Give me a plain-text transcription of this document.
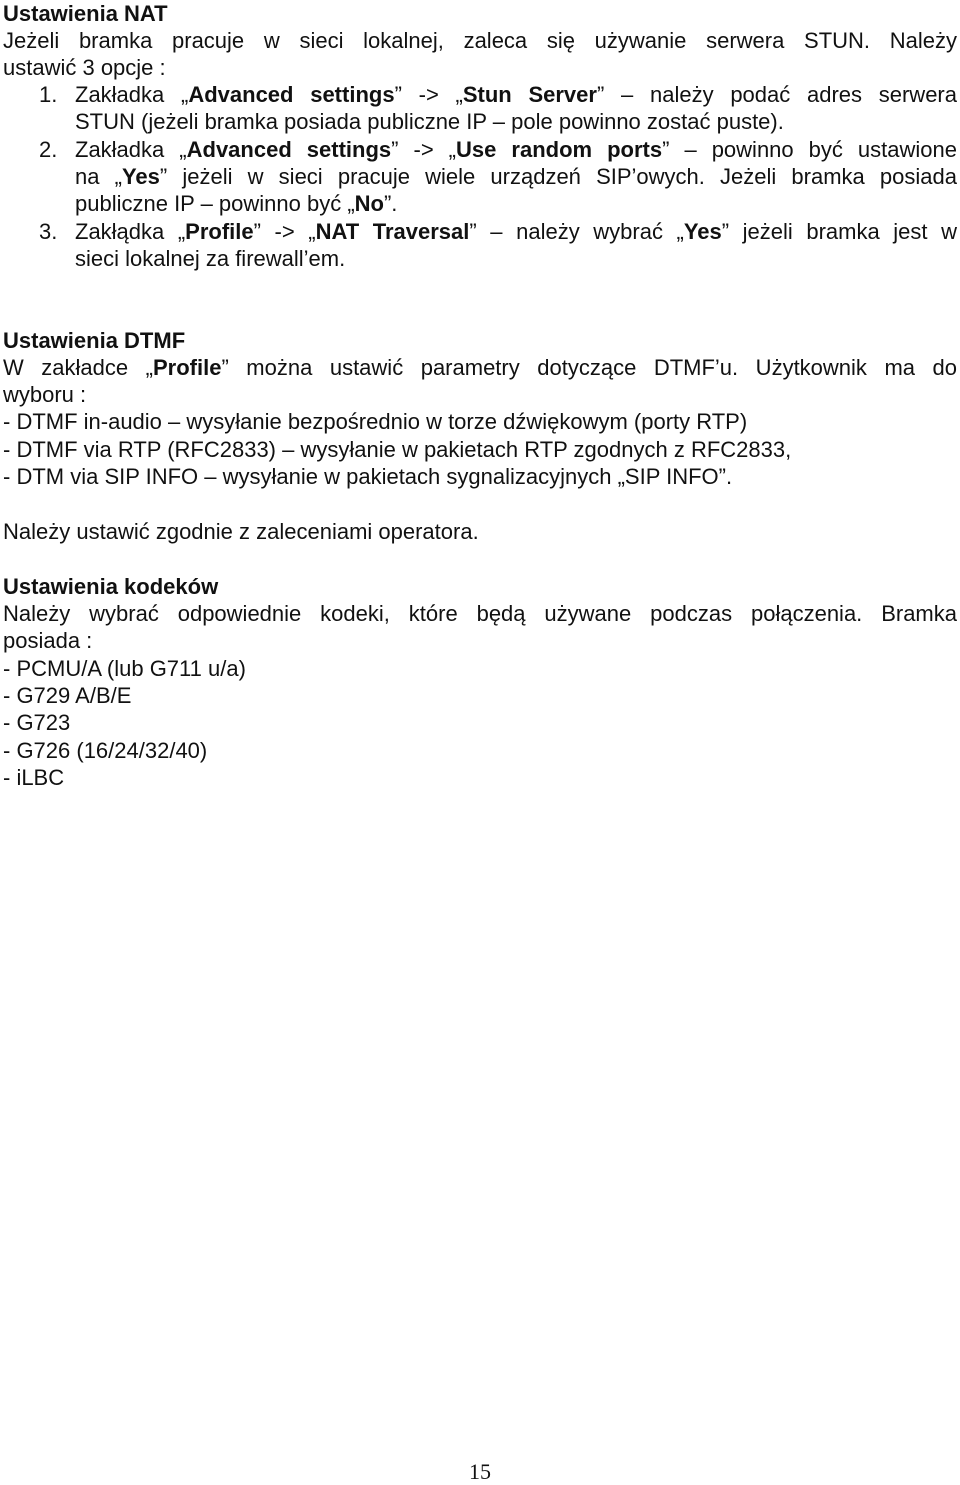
Ustawienia NAT
Jeżeli bramka pracuje w sieci lokalnej, zaleca się używanie serwera STUN. Należy
ustawić 3 opcje :
1. Zakładka „Advanced settings” -> „Stun Server” – należy podać adres serwera
STUN (jeżeli bramka posiada publiczne IP – pole powinno zostać puste).
2. Zakładka „Advanced settings” -> „Use random ports” – powinno być ustawione
na „Yes” jeżeli w sieci pracuje wiele urządzeń SIP’owych. Jeżeli bramka posiada
publiczne IP – powinno być „No”.
3. Zakłądka „Profile” -> „NAT Traversal” – należy wybrać „Yes” jeżeli bramka jest w
sieci lokalnej za firewall’em.
Ustawienia DTMF
W zakładce „Profile” można ustawić parametry dotyczące DTMF’u. Użytkownik ma do
wyboru :
- DTMF in-audio – wysyłanie bezpośrednio w torze dźwiękowym (porty RTP)
- DTMF via RTP (RFC2833) – wysyłanie w pakietach RTP zgodnych z RFC2833,
- DTM via SIP INFO – wysyłanie w pakietach sygnalizacyjnych „SIP INFO”.
Należy ustawić zgodnie z zaleceniami operatora.
Ustawienia kodeków
Należy wybrać odpowiednie kodeki, które będą używane podczas połączenia. Bramka
posiada :
- PCMU/A (lub G711 u/a)
- G729 A/B/E
- G723
- G726 (16/24/32/40)
- iLBC
15
